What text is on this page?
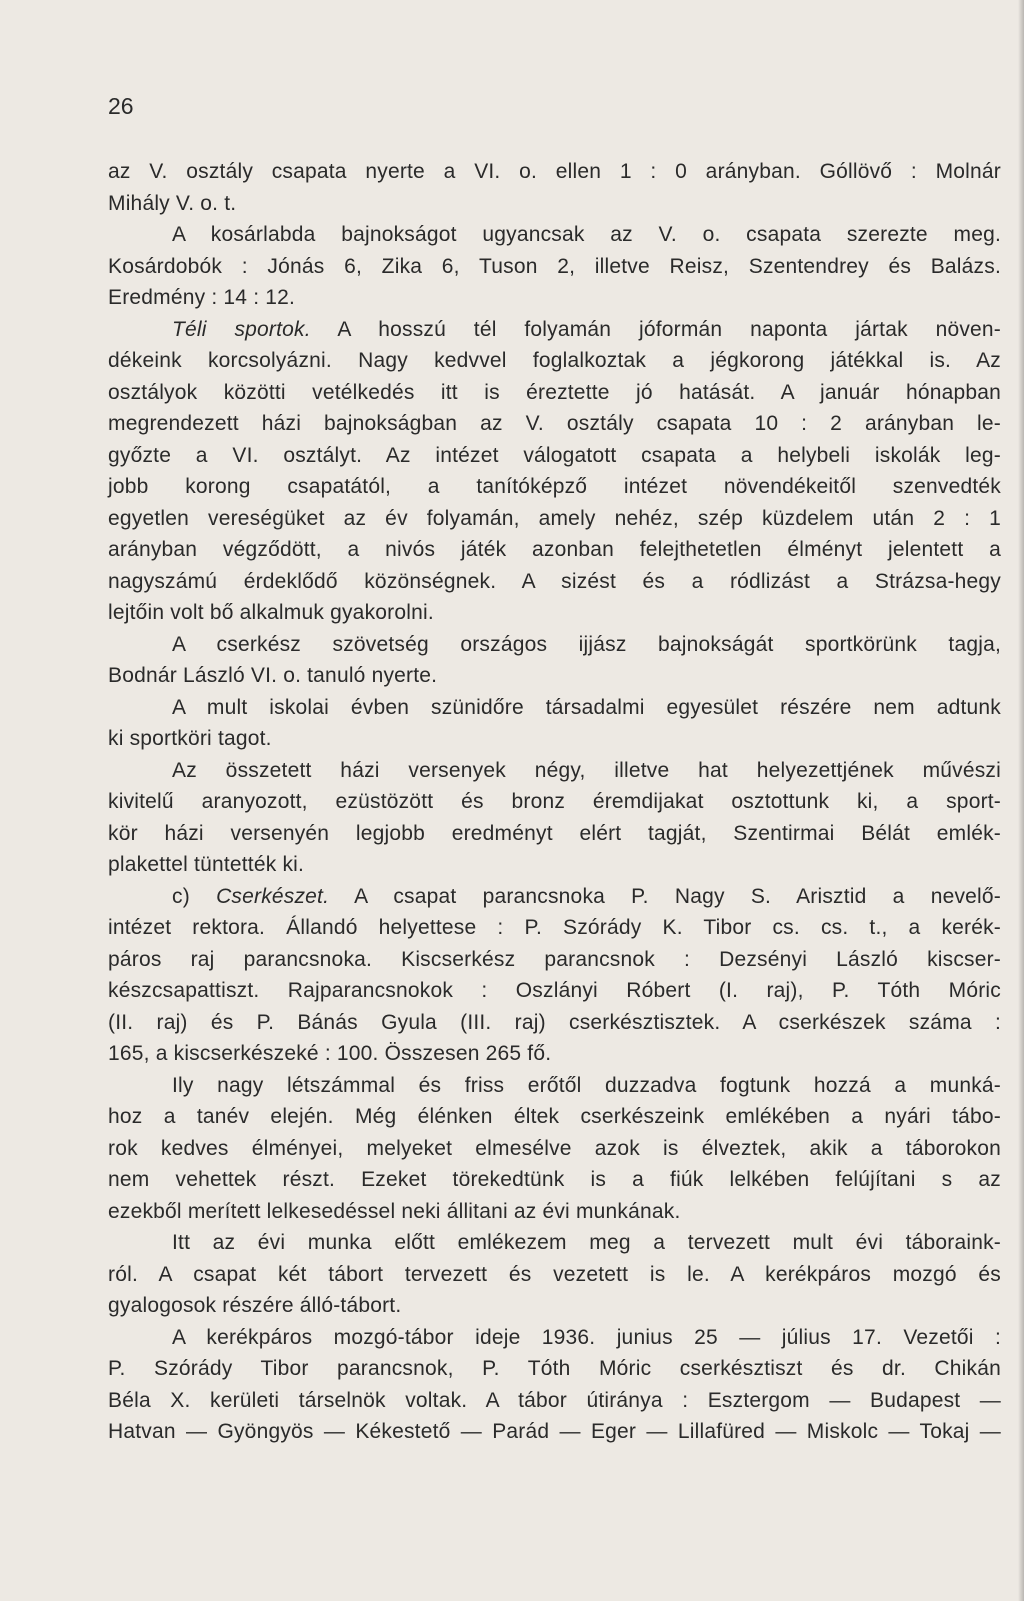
26
az V. osztály csapata nyerte a VI. o. ellen 1 : 0 arányban. Góllövő : Molnár
Mihály V. o. t.
A kosárlabda bajnokságot ugyancsak az V. o. csapata szerezte meg.
Kosárdobók : Jónás 6, Zika 6, Tuson 2, illetve Reisz, Szentendrey és Balázs.
Eredmény : 14 : 12.
Téli sportok. A hosszú tél folyamán jóformán naponta jártak növen-
dékeink korcsolyázni. Nagy kedvvel foglalkoztak a jégkorong játékkal is. Az
osztályok közötti vetélkedés itt is éreztette jó hatását. A január hónapban
megrendezett házi bajnokságban az V. osztály csapata 10 : 2 arányban le-
győzte a VI. osztályt. Az intézet válogatott csapata a helybeli iskolák leg-
jobb korong csapatától, a tanítóképző intézet növendékeitől szenvedték
egyetlen vereségüket az év folyamán, amely nehéz, szép küzdelem után 2 : 1
arányban végződött, a nivós játék azonban felejthetetlen élményt jelentett a
nagyszámú érdeklődő közönségnek. A sizést és a ródlizást a Strázsa-hegy
lejtőin volt bő alkalmuk gyakorolni.
A cserkész szövetség országos ijjász bajnokságát sportkörünk tagja,
Bodnár László VI. o. tanuló nyerte.
A mult iskolai évben szünidőre társadalmi egyesület részére nem adtunk
ki sportköri tagot.
Az összetett házi versenyek négy, illetve hat helyezettjének művészi
kivitelű aranyozott, ezüstözött és bronz éremdijakat osztottunk ki, a sport-
kör házi versenyén legjobb eredményt elért tagját, Szentirmai Bélát emlék-
plakettel tüntették ki.
c) Cserkészet. A csapat parancsnoka P. Nagy S. Arisztid a nevelő-
intézet rektora. Állandó helyettese : P. Szórády K. Tibor cs. cs. t., a kerék-
páros raj parancsnoka. Kiscserkész parancsnok : Dezsényi László kiscser-
készcsapattiszt. Rajparancsnokok : Oszlányi Róbert (I. raj), P. Tóth Móric
(II. raj) és P. Bánás Gyula (III. raj) cserkésztisztek. A cserkészek száma :
165, a kiscserkészeké : 100. Összesen 265 fő.
Ily nagy létszámmal és friss erőtől duzzadva fogtunk hozzá a munká-
hoz a tanév elején. Még élénken éltek cserkészeink emlékében a nyári tábo-
rok kedves élményei, melyeket elmesélve azok is élveztek, akik a táborokon
nem vehettek részt. Ezeket törekedtünk is a fiúk lelkében felújítani s az
ezekből merített lelkesedéssel neki állitani az évi munkának.
Itt az évi munka előtt emlékezem meg a tervezett mult évi táboraink-
ról. A csapat két tábort tervezett és vezetett is le. A kerékpáros mozgó és
gyalogosok részére álló-tábort.
A kerékpáros mozgó-tábor ideje 1936. junius 25 — július 17. Vezetői :
P. Szórády Tibor parancsnok, P. Tóth Móric cserkésztiszt és dr. Chikán
Béla X. kerületi társelnök voltak. A tábor útiránya : Esztergom — Budapest —
Hatvan — Gyöngyös — Kékestető — Parád — Eger — Lillafüred — Miskolc — Tokaj —
